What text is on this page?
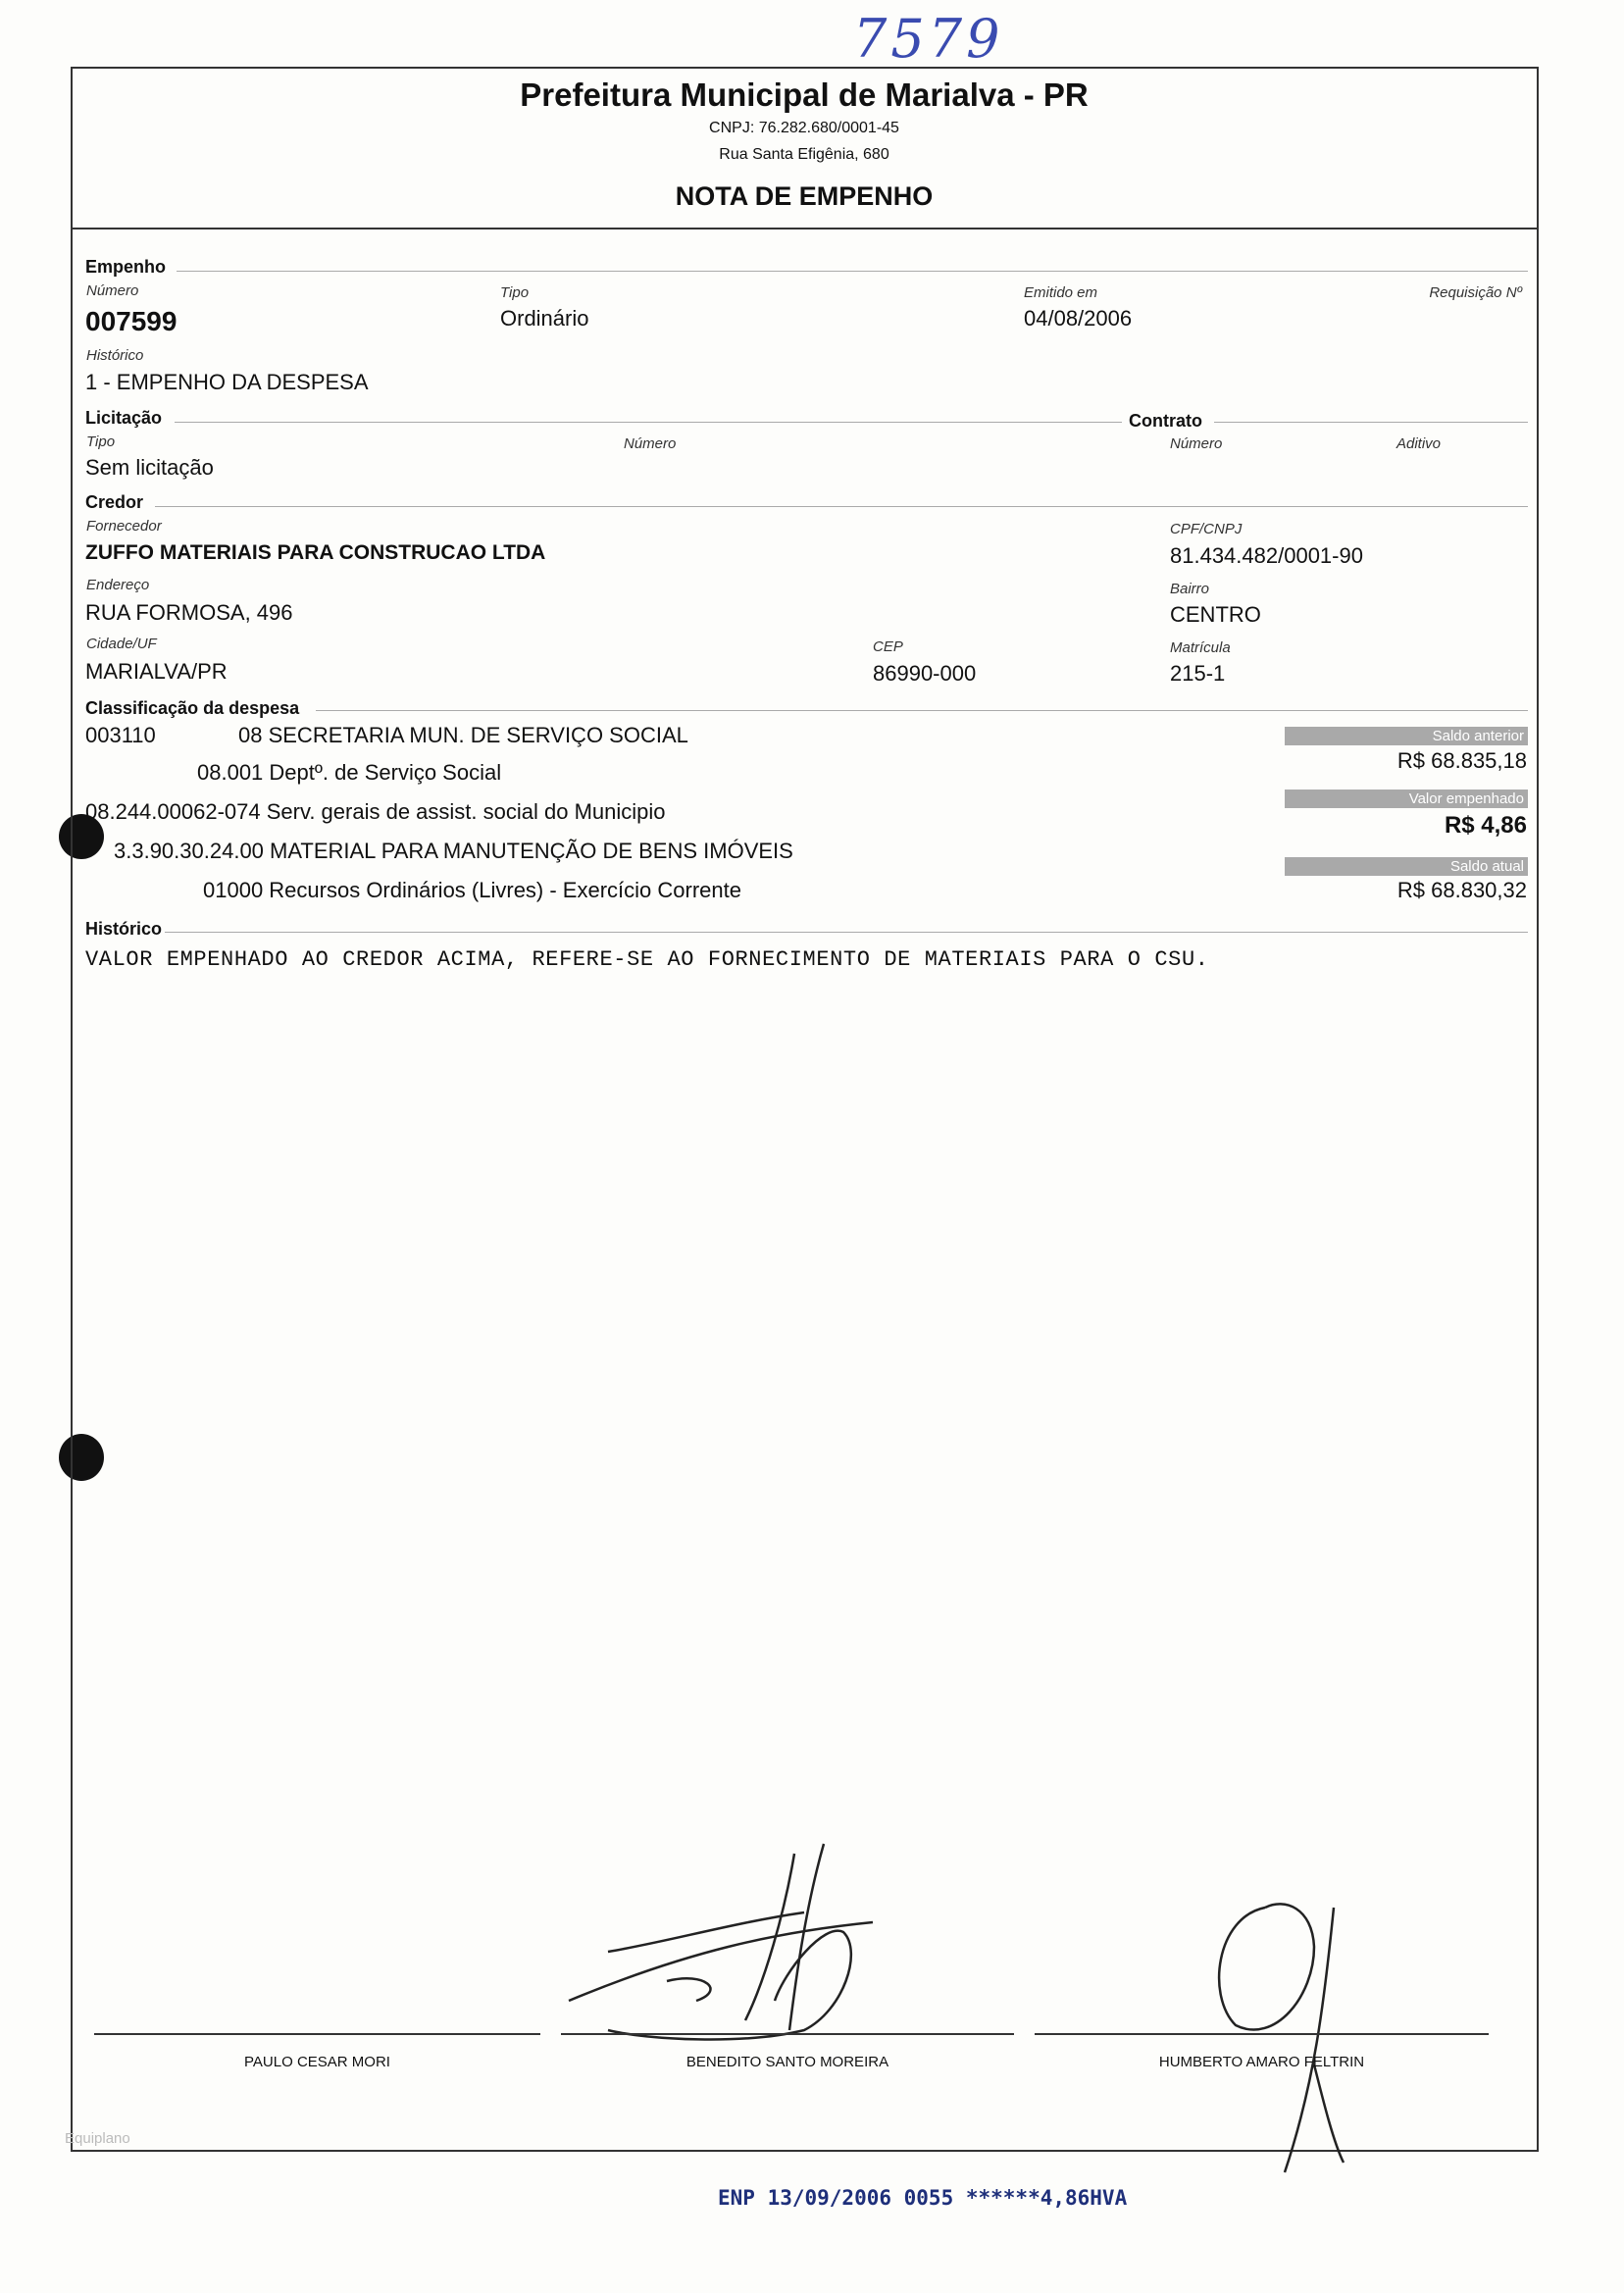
7579
Prefeitura Municipal de Marialva - PR
CNPJ: 76.282.680/0001-45
Rua Santa Efigênia, 680
NOTA DE EMPENHO
Empenho
Número
007599
Tipo
Ordinário
Emitido em
04/08/2006
Requisição Nº
Histórico
1 - EMPENHO DA DESPESA
Licitação	Contrato
Tipo
Sem licitação
Número	Número	Aditivo
Credor
Fornecedor
ZUFFO MATERIAIS PARA CONSTRUCAO LTDA
CPF/CNPJ
81.434.482/0001-90
Endereço
RUA FORMOSA, 496
Bairro
CENTRO
Cidade/UF
MARIALVA/PR
CEP
86990-000
Matrícula
215-1
Classificação da despesa
003110	08 SECRETARIA MUN. DE SERVIÇO SOCIAL
08.001 Deptº. de Serviço Social
08.244.00062-074 Serv. gerais de assist. social do Municipio
3.3.90.30.24.00 MATERIAL PARA MANUTENÇÃO DE BENS IMÓVEIS
01000 Recursos Ordinários (Livres) - Exercício Corrente
Saldo anterior
R$ 68.835,18
Valor empenhado
R$ 4,86
Saldo atual
R$ 68.830,32
Histórico
VALOR EMPENHADO AO CREDOR ACIMA, REFERE-SE AO FORNECIMENTO DE MATERIAIS PARA O CSU.
PAULO CESAR MORI	BENEDITO SANTO MOREIRA	HUMBERTO AMARO FELTRIN
Equiplano
ENP 13/09/2006 0055 ******4,86HVA
